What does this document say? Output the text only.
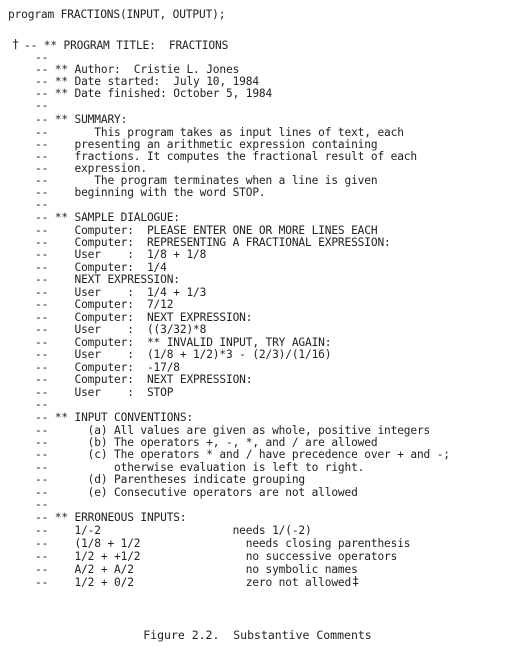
program FRACTIONS(INPUT, OUTPUT);
† -- ** PROGRAM TITLE:  FRACTIONS
--
-- ** Author:  Cristie L. Jones
-- ** Date started:  July 10, 1984
-- ** Date finished: October 5, 1984
--
-- ** SUMMARY:
--       This program takes as input lines of text, each
--    presenting an arithmetic expression containing
--    fractions. It computes the fractional result of each
--    expression.
--       The program terminates when a line is given
--    beginning with the word STOP.
--
-- ** SAMPLE DIALOGUE:
--    Computer:  PLEASE ENTER ONE OR MORE LINES EACH
--    Computer:  REPRESENTING A FRACTIONAL EXPRESSION:
--    User    :  1/8 + 1/8
--    Computer:  1/4
--    NEXT EXPRESSION:
--    User    :  1/4 + 1/3
--    Computer:  7/12
--    Computer:  NEXT EXPRESSION:
--    User    :  ((3/32)*8
--    Computer:  ** INVALID INPUT, TRY AGAIN:
--    User    :  (1/8 + 1/2)*3 - (2/3)/(1/16)
--    Computer:  -17/8
--    Computer:  NEXT EXPRESSION:
--    User    :  STOP
--
-- ** INPUT CONVENTIONS:
--      (a) All values are given as whole, positive integers
--      (b) The operators +, -, *, and / are allowed
--      (c) The operators * and / have precedence over + and -;
--          otherwise evaluation is left to right.
--      (d) Parentheses indicate grouping
--      (e) Consecutive operators are not allowed
--
-- ** ERRONEOUS INPUTS:
--    1/-2                    needs 1/(-2)
--    (1/8 + 1/2                needs closing parenthesis
--    1/2 + +1/2                no successive operators
--    A/2 + A/2                 no symbolic names
--    1/2 + 0/2                 zero not allowed ‡
Figure 2.2.  Substantive Comments
